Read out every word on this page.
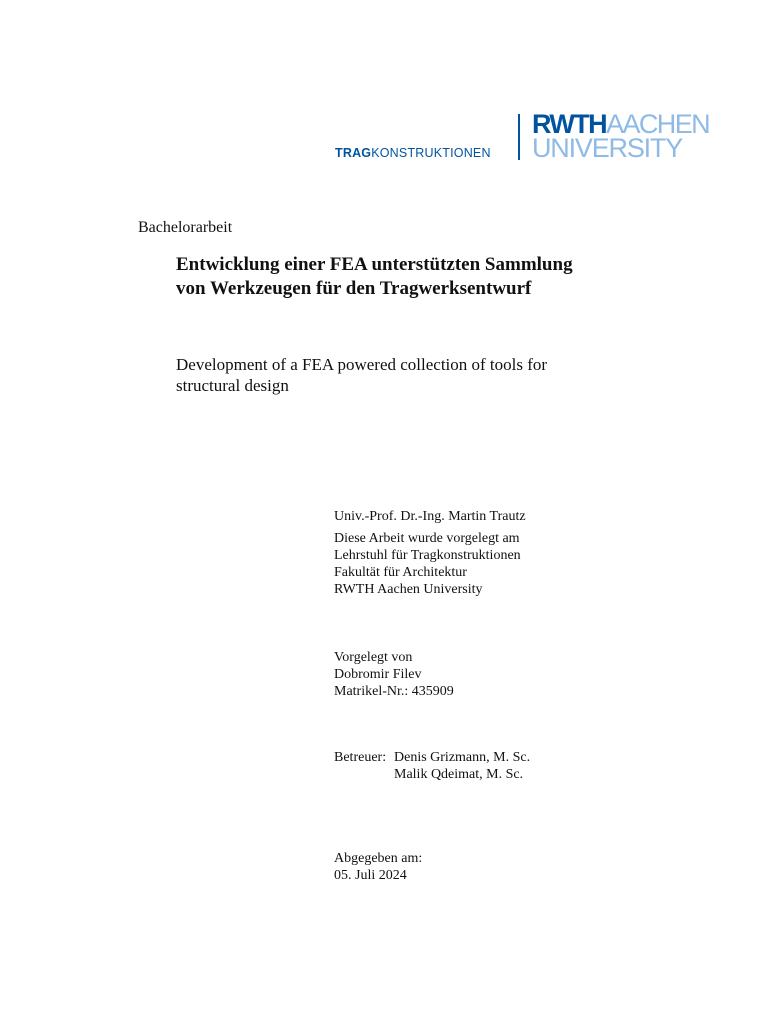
TRAGKONSTRUKTIONEN
RWTHAACHEN
UNIVERSITY
Bachelorarbeit
Entwicklung einer FEA unterstützten Sammlung
von Werkzeugen für den Tragwerksentwurf
Development of a FEA powered collection of tools for
structural design
Univ.-Prof. Dr.-Ing. Martin Trautz
Diese Arbeit wurde vorgelegt am
Lehrstuhl für Tragkonstruktionen
Fakultät für Architektur
RWTH Aachen University
Vorgelegt von
Dobromir Filev
Matrikel-Nr.: 435909
Betreuer: Denis Grizmann, M. Sc.
Malik Qdeimat, M. Sc.
Abgegeben am:
05. Juli 2024
